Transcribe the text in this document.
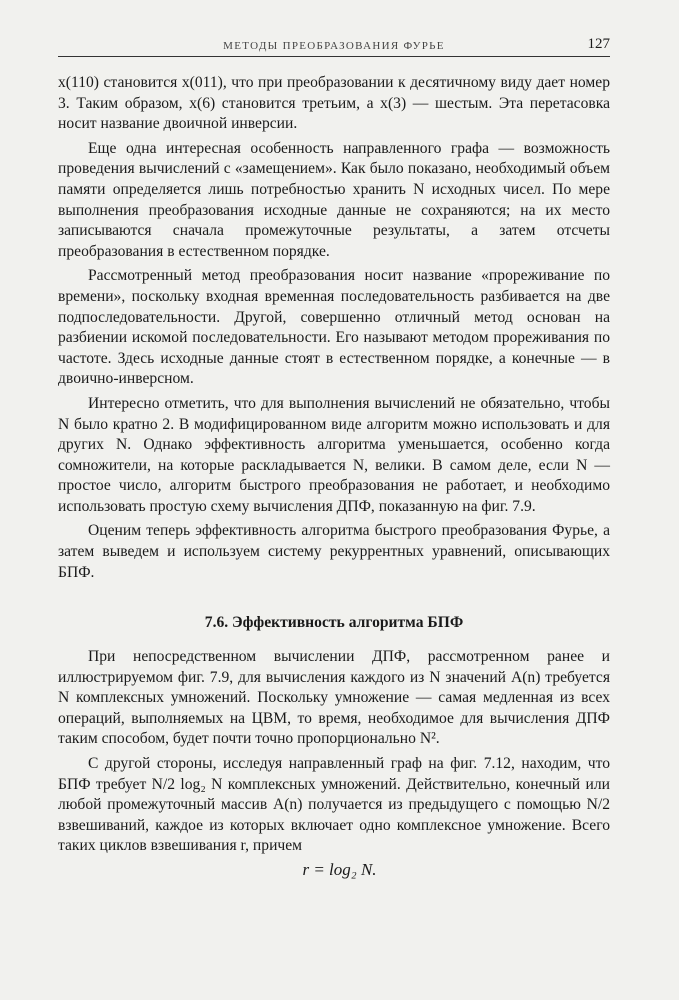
МЕТОДЫ ПРЕОБРАЗОВАНИЯ ФУРЬЕ	127

x(110) становится x(011), что при преобразовании к десятичному виду дает номер 3. Таким образом, x(6) становится третьим, а x(3) — шестым. Эта перетасовка носит название двоичной инверсии.

Еще одна интересная особенность направленного графа — возможность проведения вычислений с «замещением». Как было показано, необходимый объем памяти определяется лишь потребностью хранить N исходных чисел. По мере выполнения преобразования исходные данные не сохраняются; на их место записываются сначала промежуточные результаты, а затем отсчеты преобразования в естественном порядке.

Рассмотренный метод преобразования носит название «прореживание по времени», поскольку входная временная последовательность разбивается на две подпоследовательности. Другой, совершенно отличный метод основан на разбиении искомой последовательности. Его называют методом прореживания по частоте. Здесь исходные данные стоят в естественном порядке, а конечные — в двоично-инверсном.

Интересно отметить, что для выполнения вычислений не обязательно, чтобы N было кратно 2. В модифицированном виде алгоритм можно использовать и для других N. Однако эффективность алгоритма уменьшается, особенно когда сомножители, на которые раскладывается N, велики. В самом деле, если N — простое число, алгоритм быстрого преобразования не работает, и необходимо использовать простую схему вычисления ДПФ, показанную на фиг. 7.9.

Оценим теперь эффективность алгоритма быстрого преобразования Фурье, а затем выведем и используем систему рекуррентных уравнений, описывающих БПФ.

7.6. Эффективность алгоритма БПФ

При непосредственном вычислении ДПФ, рассмотренном ранее и иллюстрируемом фиг. 7.9, для вычисления каждого из N значений A(n) требуется N комплексных умножений. Поскольку умножение — самая медленная из всех операций, выполняемых на ЦВМ, то время, необходимое для вычисления ДПФ таким способом, будет почти точно пропорционально N².

С другой стороны, исследуя направленный граф на фиг. 7.12, находим, что БПФ требует N/2 log₂ N комплексных умножений. Действительно, конечный или любой промежуточный массив A(n) получается из предыдущего с помощью N/2 взвешиваний, каждое из которых включает одно комплексное умножение. Всего таких циклов взвешивания r, причем

r = log₂ N.
